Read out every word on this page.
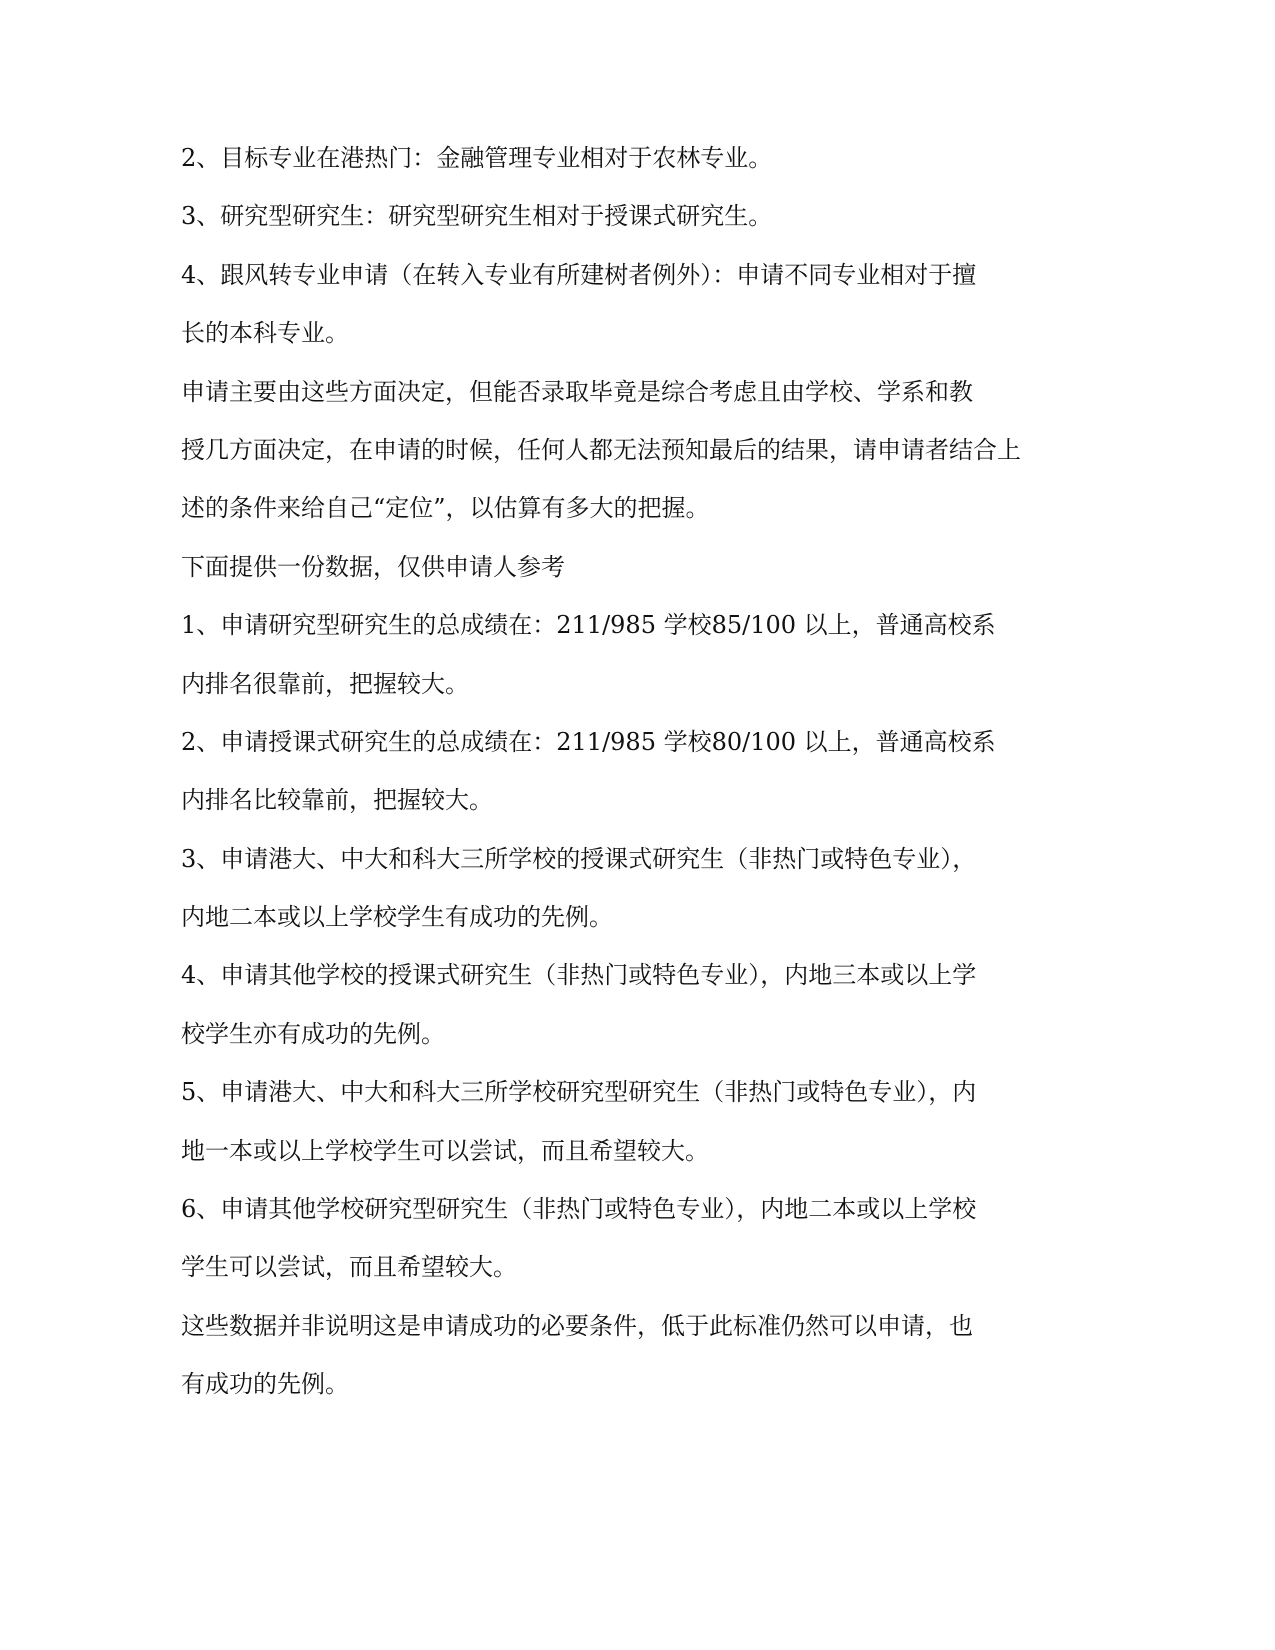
2、目标专业在港热门：金融管理专业相对于农林专业。
3、研究型研究生：研究型研究生相对于授课式研究生。
4、跟风转专业申请（在转入专业有所建树者例外）：申请不同专业相对于擅
长的本科专业。
申请主要由这些方面决定，但能否录取毕竟是综合考虑且由学校、学系和教
授几方面决定，在申请的时候，任何人都无法预知最后的结果，请申请者结合上
述的条件来给自己“定位”，以估算有多大的把握。
下面提供一份数据，仅供申请人参考
1、申请研究型研究生的总成绩在：211/985 学校85/100 以上，普通高校系
内排名很靠前，把握较大。
2、申请授课式研究生的总成绩在：211/985 学校80/100 以上，普通高校系
内排名比较靠前，把握较大。
3、申请港大、中大和科大三所学校的授课式研究生（非热门或特色专业），
内地二本或以上学校学生有成功的先例。
4、申请其他学校的授课式研究生（非热门或特色专业），内地三本或以上学
校学生亦有成功的先例。
5、申请港大、中大和科大三所学校研究型研究生（非热门或特色专业），内
地一本或以上学校学生可以尝试，而且希望较大。
6、申请其他学校研究型研究生（非热门或特色专业），内地二本或以上学校
学生可以尝试，而且希望较大。
这些数据并非说明这是申请成功的必要条件，低于此标准仍然可以申请，也
有成功的先例。
